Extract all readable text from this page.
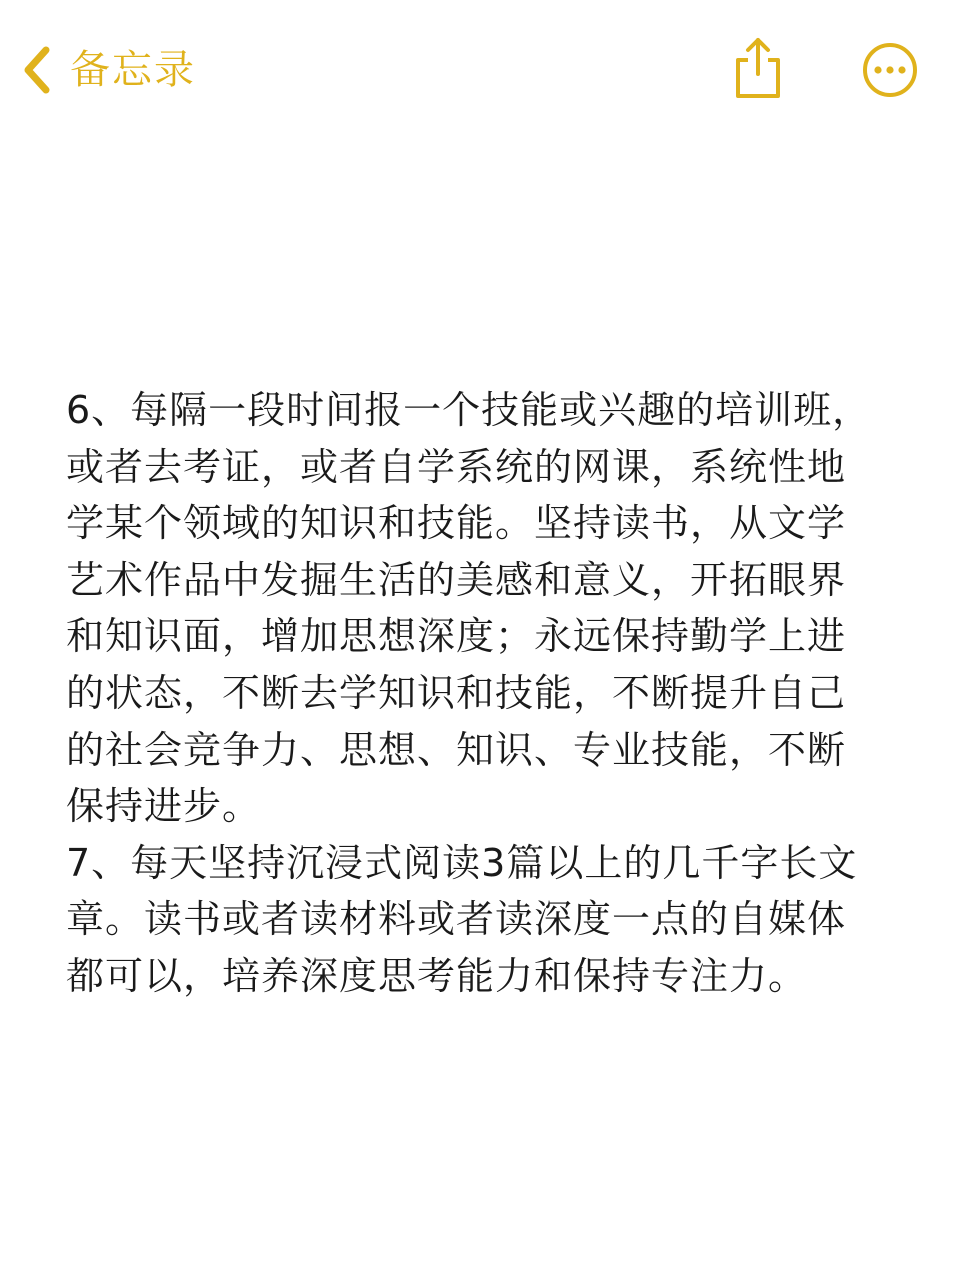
备忘录

6、每隔一段时间报一个技能或兴趣的培训班，或者去考证，或者自学系统的网课，系统性地学某个领域的知识和技能。坚持读书，从文学艺术作品中发掘生活的美感和意义，开拓眼界和知识面，增加思想深度；永远保持勤学上进的状态，不断去学知识和技能，不断提升自己的社会竞争力、思想、知识、专业技能，不断保持进步。

7、每天坚持沉浸式阅读3篇以上的几千字长文章。读书或者读材料或者读深度一点的自媒体都可以，培养深度思考能力和保持专注力。
